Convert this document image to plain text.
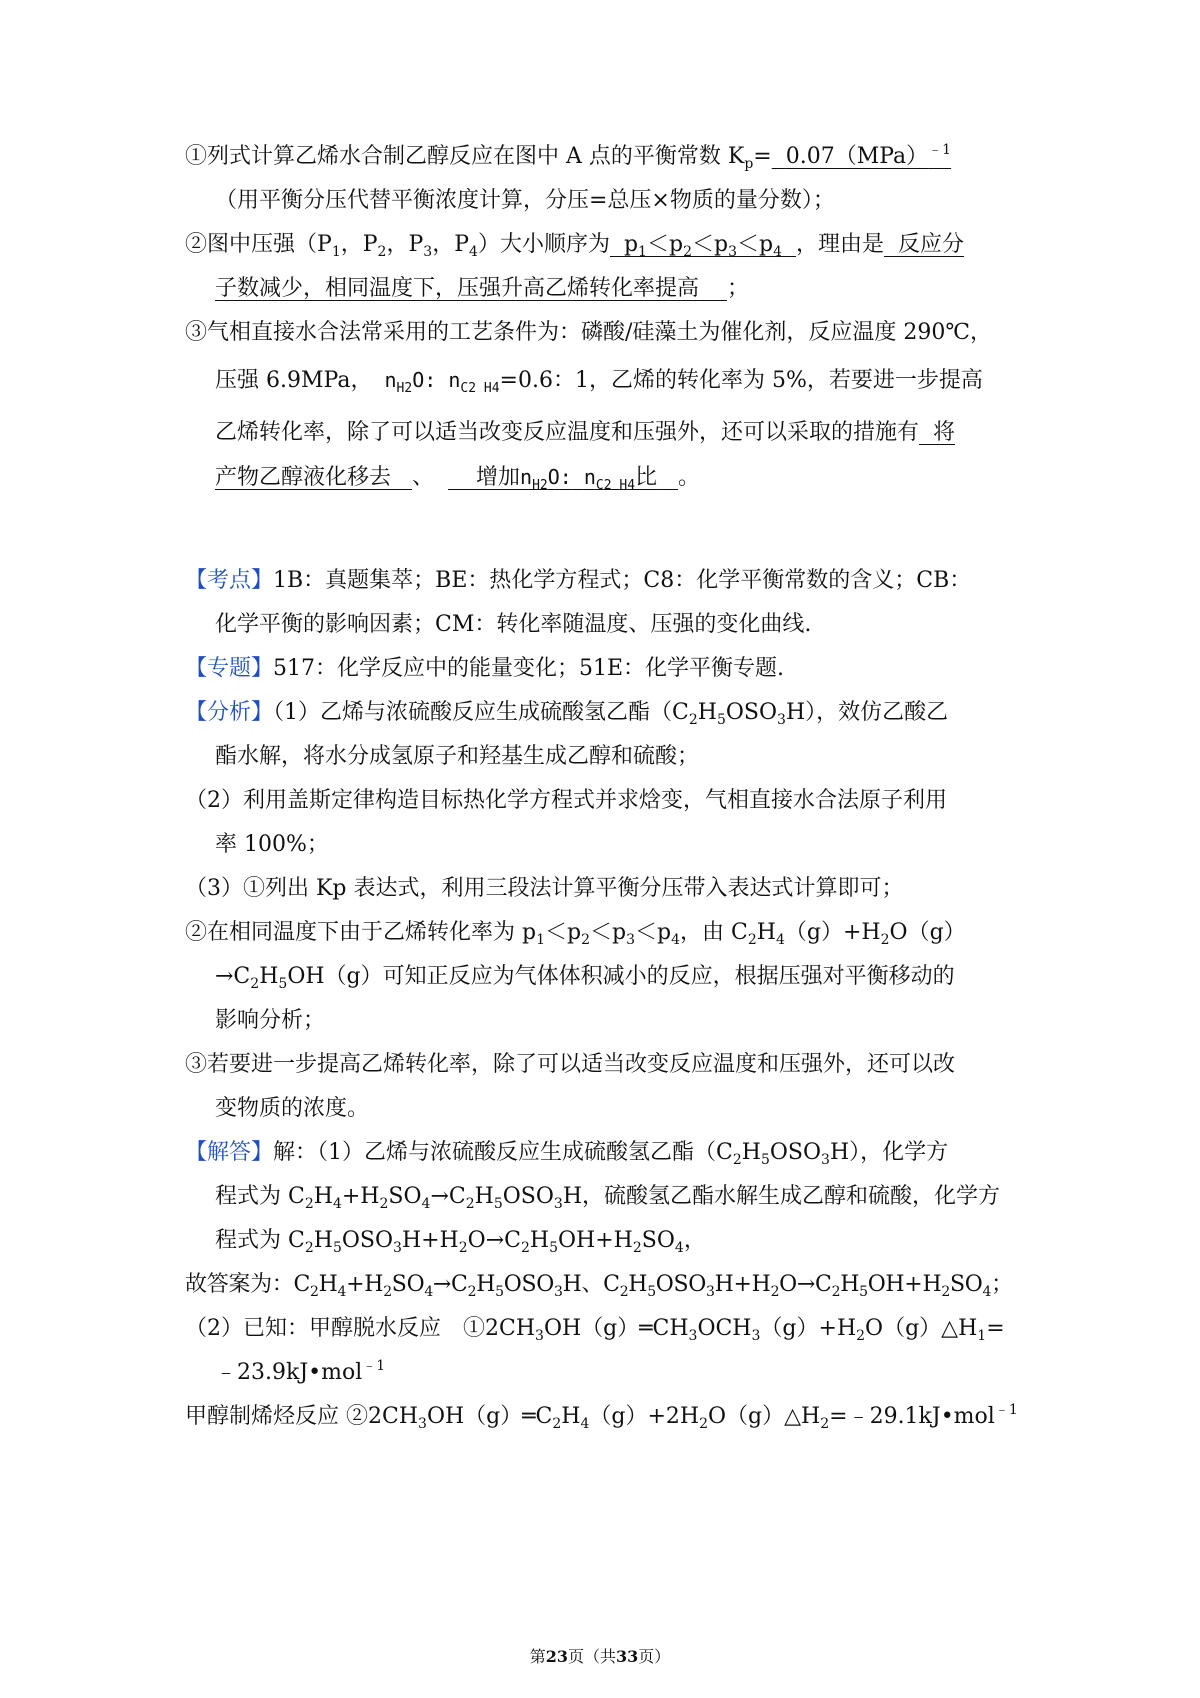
①列式计算乙烯水合制乙醇反应在图中 A 点的平衡常数 $K_p= 0.07(MPa)^{﹣1}$
（用平衡分压代替平衡浓度计算，分压=总压×物质的量分数）；
②图中压强（$P_1$，$P_2$，$P_3$，$P_4$）大小顺序为 $p_1<p_2<p_3<p_4$ ，理由是 反应分
子数减少，相同温度下，压强升高乙烯转化率提高 ；
③气相直接水合法常采用的工艺条件为：磷酸/硅藻土为催化剂，反应温度 290℃，
压强 6.9MPa， $n_{H2}O$: $n_{C2 H4}=0.6$：1，乙烯的转化率为 5%，若要进一步提高
乙烯转化率，除了可以适当改变反应温度和压强外，还可以采取的措施有 将
产物乙醇液化移去 、 增加$n_{H2}O$: $n_{C2 H4}$比 。
【考点】1B：真题集萃；BE：热化学方程式；C8：化学平衡常数的含义；CB：
化学平衡的影响因素；CM：转化率随温度、压强的变化曲线.
【专题】517：化学反应中的能量变化；51E：化学平衡专题.
【分析】（1）乙烯与浓硫酸反应生成硫酸氢乙酯$(C_2H_5OSO_3H)$，效仿乙酸乙
酯水解，将水分成氢原子和羟基生成乙醇和硫酸；
（2）利用盖斯定律构造目标热化学方程式并求焓变，气相直接水合法原子利用
率 100%；
（3）①列出 Kp 表达式，利用三段法计算平衡分压带入表达式计算即可；
②在相同温度下由于乙烯转化率为 $p_1<p_2<p_3<p_4$，由 $C_2H_4(g)+H_2O(g)$
$\to C_2H_5OH(g)$可知正反应为气体体积减小的反应，根据压强对平衡移动的
影响分析；
③若要进一步提高乙烯转化率，除了可以适当改变反应温度和压强外，还可以改
变物质的浓度。
【解答】解：（1）乙烯与浓硫酸反应生成硫酸氢乙酯$(C_2H_5OSO_3H)$，化学方
程式为 $C_2H_4+H_2SO_4\to C_2H_5OSO_3H$，硫酸氢乙酯水解生成乙醇和硫酸，化学方
程式为 $C_2H_5OSO_3H+H_2O\to C_2H_5OH+H_2SO_4$，
故答案为：$C_2H_4+H_2SO_4\to C_2H_5OSO_3H$、$C_2H_5OSO_3H+H_2O\to C_2H_5OH+H_2SO_4$；
（2）已知：甲醇脱水反应　$①2CH_3OH(g)═CH_3OCH_3(g)+H_2O(g)\triangle H_1=$
﹣23.9kJ•mol$^{﹣1}$
甲醇制烯烃反应 $②2CH_3OH(g)═C_2H_4(g)+2H_2O(g)\triangle H_2=﹣29.1kJ•mol^{﹣1}$
第23页（共33页）
